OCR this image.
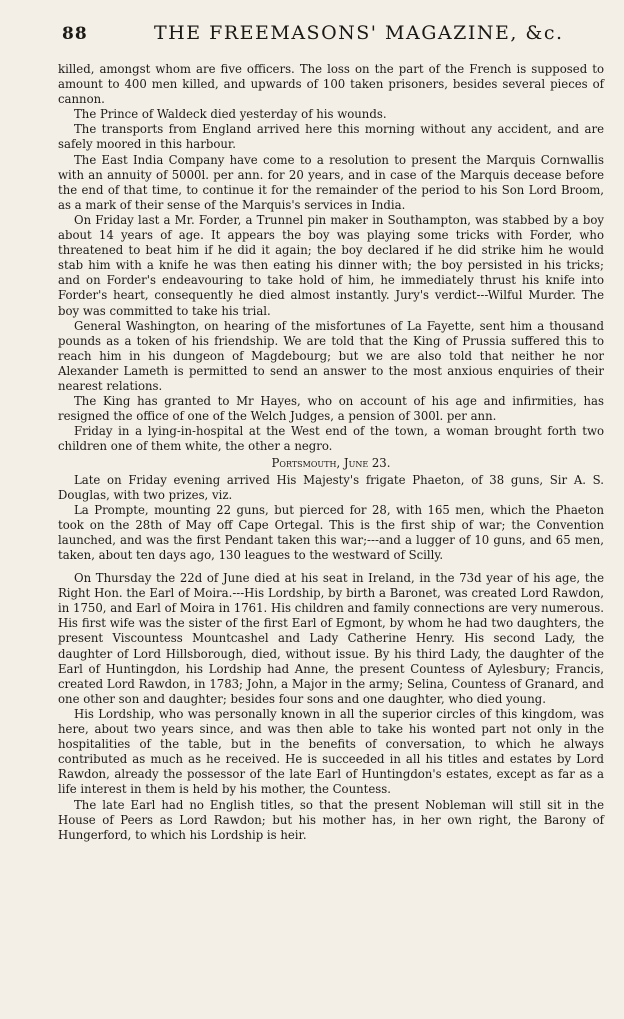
88	THE FREEMASONS' MAGAZINE, &c.

killed, amongst whom are five officers. The loss on the part of the French is supposed to amount to 400 men killed, and upwards of 100 taken prisoners, besides several pieces of cannon.

The Prince of Waldeck died yesterday of his wounds.

The transports from England arrived here this morning without any accident, and are safely moored in this harbour.

The East India Company have come to a resolution to present the Marquis Cornwallis with an annuity of 5000l. per ann. for 20 years, and in case of the Marquis decease before the end of that time, to continue it for the remainder of the period to his Son Lord Broom, as a mark of their sense of the Marquis's services in India.

On Friday last a Mr. Forder, a Trunnel pin maker in Southampton, was stabbed by a boy about 14 years of age. It appears the boy was playing some tricks with Forder, who threatened to beat him if he did it again; the boy declared if he did strike him he would stab him with a knife he was then eating his dinner with; the boy persisted in his tricks; and on Forder's endeavouring to take hold of him, he immediately thrust his knife into Forder's heart, consequently he died almost instantly. Jury's verdict---Wilful Murder. The boy was committed to take his trial.

General Washington, on hearing of the misfortunes of La Fayette, sent him a thousand pounds as a token of his friendship. We are told that the King of Prussia suffered this to reach him in his dungeon of Magdebourg; but we are also told that neither he nor Alexander Lameth is permitted to send an answer to the most anxious enquiries of their nearest relations.

The King has granted to Mr Hayes, who on account of his age and infirmities, has resigned the office of one of the Welch Judges, a pension of 300l. per ann.

Friday in a lying-in-hospital at the West end of the town, a woman brought forth two children one of them white, the other a negro.

Portsmouth, June 23.

Late on Friday evening arrived His Majesty's frigate Phaeton, of 38 guns, Sir A. S. Douglas, with two prizes, viz.

La Prompte, mounting 22 guns, but pierced for 28, with 165 men, which the Phaeton took on the 28th of May off Cape Ortegal. This is the first ship of war; the Convention launched, and was the first Pendant taken this war;---and a lugger of 10 guns, and 65 men, taken, about ten days ago, 130 leagues to the westward of Scilly.

On Thursday the 22d of June died at his seat in Ireland, in the 73d year of his age, the Right Hon. the Earl of Moira.---His Lordship, by birth a Baronet, was created Lord Rawdon, in 1750, and Earl of Moira in 1761. His children and family connections are very numerous. His first wife was the sister of the first Earl of Egmont, by whom he had two daughters, the present Viscountess Mountcashel and Lady Catherine Henry. His second Lady, the daughter of Lord Hillsborough, died, without issue. By his third Lady, the daughter of the Earl of Huntingdon, his Lordship had Anne, the present Countess of Aylesbury; Francis, created Lord Rawdon, in 1783; John, a Major in the army; Selina, Countess of Granard, and one other son and daughter; besides four sons and one daughter, who died young.

His Lordship, who was personally known in all the superior circles of this kingdom, was here, about two years since, and was then able to take his wonted part not only in the hospitalities of the table, but in the benefits of conversation, to which he always contributed as much as he received. He is succeeded in all his titles and estates by Lord Rawdon, already the possessor of the late Earl of Huntingdon's estates, except as far as a life interest in them is held by his mother, the Countess.

The late Earl had no English titles, so that the present Nobleman will still sit in the House of Peers as Lord Rawdon; but his mother has, in her own right, the Barony of Hungerford, to which his Lordship is heir.
